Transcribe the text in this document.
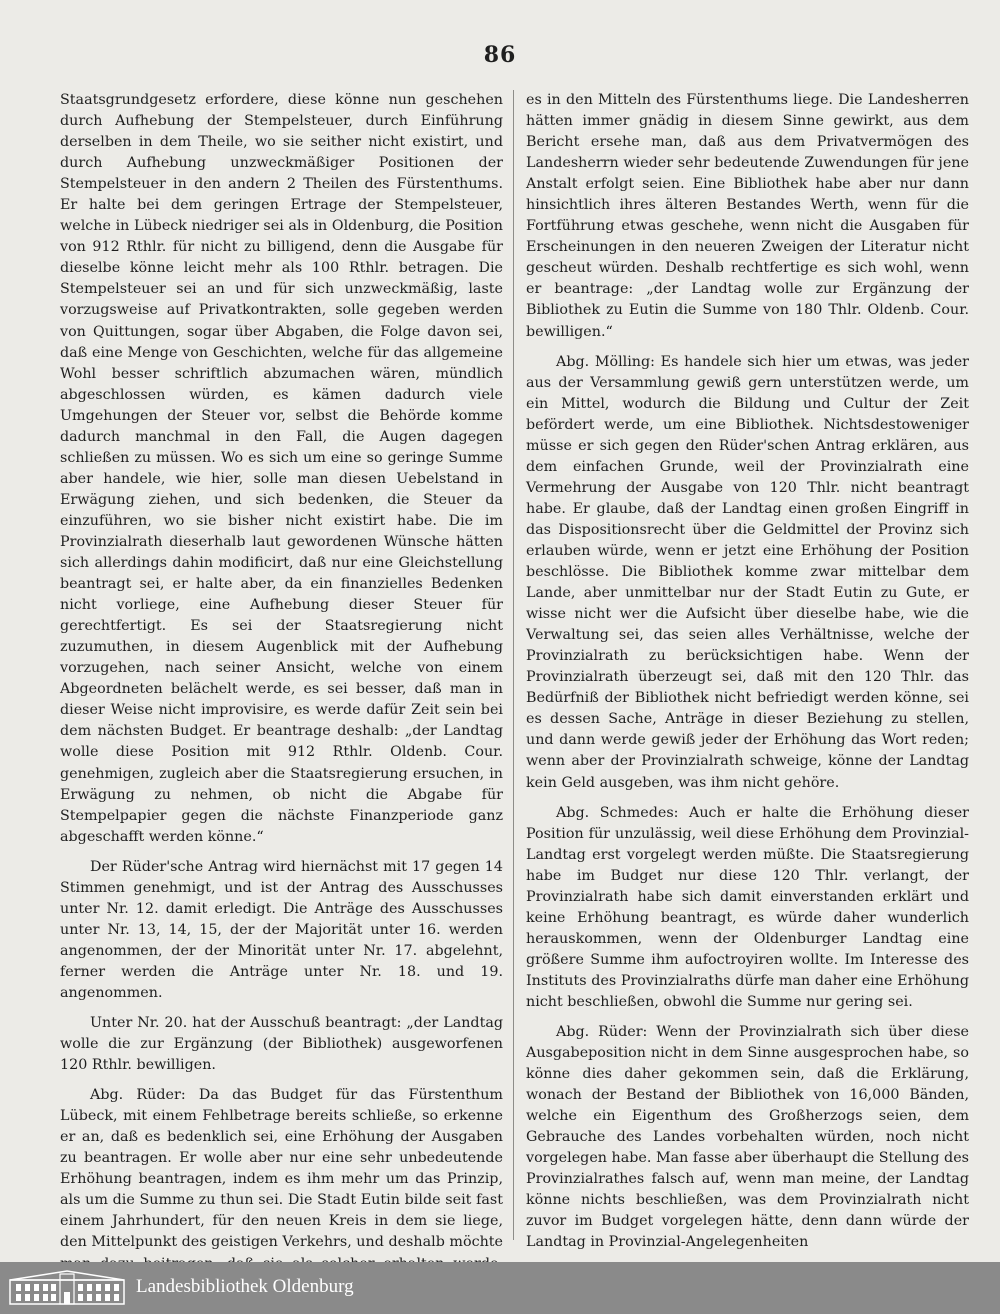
86

Staatsgrundgesetz erfordere, diese könne nun geschehen durch Aufhebung der Stempelsteuer, durch Einführung derselben in dem Theile, wo sie seither nicht existirt, und durch Aufhebung unzweckmäßiger Positionen der Stempelsteuer in den andern 2 Theilen des Fürstenthums. Er halte bei dem geringen Ertrage der Stempelsteuer, welche in Lübeck niedriger sei als in Oldenburg, die Position von 912 Rthlr. für nicht zu billigend, denn die Ausgabe für dieselbe könne leicht mehr als 100 Rthlr. betragen. Die Stempelsteuer sei an und für sich unzweckmäßig, laste vorzugsweise auf Privatkontrakten, solle gegeben werden von Quittungen, sogar über Abgaben, die Folge davon sei, daß eine Menge von Geschichten, welche für das allgemeine Wohl besser schriftlich abzumachen wären, mündlich abgeschlossen würden, es kämen dadurch viele Umgehungen der Steuer vor, selbst die Behörde komme dadurch manchmal in den Fall, die Augen dagegen schließen zu müssen. Wo es sich um eine so geringe Summe aber handele, wie hier, solle man diesen Uebelstand in Erwägung ziehen, und sich bedenken, die Steuer da einzuführen, wo sie bisher nicht existirt habe. Die im Provinzialrath dieserhalb laut gewordenen Wünsche hätten sich allerdings dahin modificirt, daß nur eine Gleichstellung beantragt sei, er halte aber, da ein finanzielles Bedenken nicht vorliege, eine Aufhebung dieser Steuer für gerechtfertigt. Es sei der Staatsregierung nicht zuzumuthen, in diesem Augenblick mit der Aufhebung vorzugehen, nach seiner Ansicht, welche von einem Abgeordneten belächelt werde, es sei besser, daß man in dieser Weise nicht improvisire, es werde dafür Zeit sein bei dem nächsten Budget. Er beantrage deshalb: „der Landtag wolle diese Position mit 912 Rthlr. Oldenb. Cour. genehmigen, zugleich aber die Staatsregierung ersuchen, in Erwägung zu nehmen, ob nicht die Abgabe für Stempelpapier gegen die nächste Finanzperiode ganz abgeschafft werden könne.“

Der Rüder'sche Antrag wird hiernächst mit 17 gegen 14 Stimmen genehmigt, und ist der Antrag des Ausschusses unter Nr. 12. damit erledigt. Die Anträge des Ausschusses unter Nr. 13, 14, 15, der der Majorität unter 16. werden angenommen, der der Minorität unter Nr. 17. abgelehnt, ferner werden die Anträge unter Nr. 18. und 19. angenommen.

Unter Nr. 20. hat der Ausschuß beantragt: „der Landtag wolle die zur Ergänzung (der Bibliothek) ausgeworfenen 120 Rthlr. bewilligen.

Abg. Rüder: Da das Budget für das Fürstenthum Lübeck, mit einem Fehlbetrage bereits schließe, so erkenne er an, daß es bedenklich sei, eine Erhöhung der Ausgaben zu beantragen. Er wolle aber nur eine sehr unbedeutende Erhöhung beantragen, indem es ihm mehr um das Prinzip, als um die Summe zu thun sei. Die Stadt Eutin bilde seit fast einem Jahrhundert, für den neuen Kreis in dem sie liege, den Mittelpunkt des geistigen Verkehrs, und deshalb möchte

es in den Mitteln des Fürstenthums liege. Die Landesherren hätten immer gnädig in diesem Sinne gewirkt, aus dem Bericht ersehe man, daß aus dem Privatvermögen des Landesherrn wieder sehr bedeutende Zuwendungen für jene Anstalt erfolgt seien. Eine Bibliothek habe aber nur dann hinsichtlich ihres älteren Bestandes Werth, wenn für die Fortführung etwas geschehe, wenn nicht die Ausgaben für Erscheinungen in den neueren Zweigen der Literatur nicht gescheut würden. Deshalb rechtfertige es sich wohl, wenn er beantrage: „der Landtag wolle zur Ergänzung der Bibliothek zu Eutin die Summe von 180 Thlr. Oldenb. Cour. bewilligen.“

Abg. Mölling: Es handele sich hier um etwas, was jeder aus der Versammlung gewiß gern unterstützen werde, um ein Mittel, wodurch die Bildung und Cultur der Zeit befördert werde, um eine Bibliothek. Nichtsdestoweniger müsse er sich gegen den Rüder'schen Antrag erklären, aus dem einfachen Grunde, weil der Provinzialrath eine Vermehrung der Ausgabe von 120 Thlr. nicht beantragt habe. Er glaube, daß der Landtag einen großen Eingriff in das Dispositionsrecht über die Geldmittel der Provinz sich erlauben würde, wenn er jetzt eine Erhöhung der Position beschlösse. Die Bibliothek komme zwar mittelbar dem Lande, aber unmittelbar nur der Stadt Eutin zu Gute, er wisse nicht wer die Aufsicht über dieselbe habe, wie die Verwaltung sei, das seien alles Verhältnisse, welche der Provinzialrath zu berücksichtigen habe. Wenn der Provinzialrath überzeugt sei, daß mit den 120 Thlr. das Bedürfniß der Bibliothek nicht befriedigt werden könne, sei es dessen Sache, Anträge in dieser Beziehung zu stellen, und dann werde gewiß jeder der Erhöhung das Wort reden; wenn aber der Provinzialrath schweige, könne der Landtag kein Geld ausgeben, was ihm nicht gehöre.

Abg. Schmedes: Auch er halte die Erhöhung dieser Position für unzulässig, weil diese Erhöhung dem Provinzial-Landtag erst vorgelegt werden müßte. Die Staatsregierung habe im Budget nur diese 120 Thlr. verlangt, der Provinzialrath habe sich damit einverstanden erklärt und keine Erhöhung beantragt, es würde daher wunderlich herauskommen, wenn der Oldenburger Landtag eine größere Summe ihm aufoctroyiren wollte. Im Interesse des Instituts des Provinzialraths dürfe man daher eine Erhöhung nicht beschließen, obwohl die Summe nur gering sei.

Abg. Rüder: Wenn der Provinzialrath sich über diese Ausgabeposition nicht in dem Sinne ausgesprochen habe, so könne dies daher gekommen sein, daß die Erklärung, wonach der Bestand der Bibliothek von 16,000 Bänden, welche ein Eigenthum des Großherzogs seien, dem Gebrauche des Landes vorbehalten würden, noch nicht vorgelegen habe. Man fasse aber überhaupt die Stellung des Provinzialrathes falsch auf, wenn man meine, der Landtag könne nichts beschließen, was dem Provinzialrath nicht zuvor im Budget vorgelegen hätte, denn dann würde der Landtag in Provinzial-Angelegenheiten

Landesbibliothek Oldenburg
